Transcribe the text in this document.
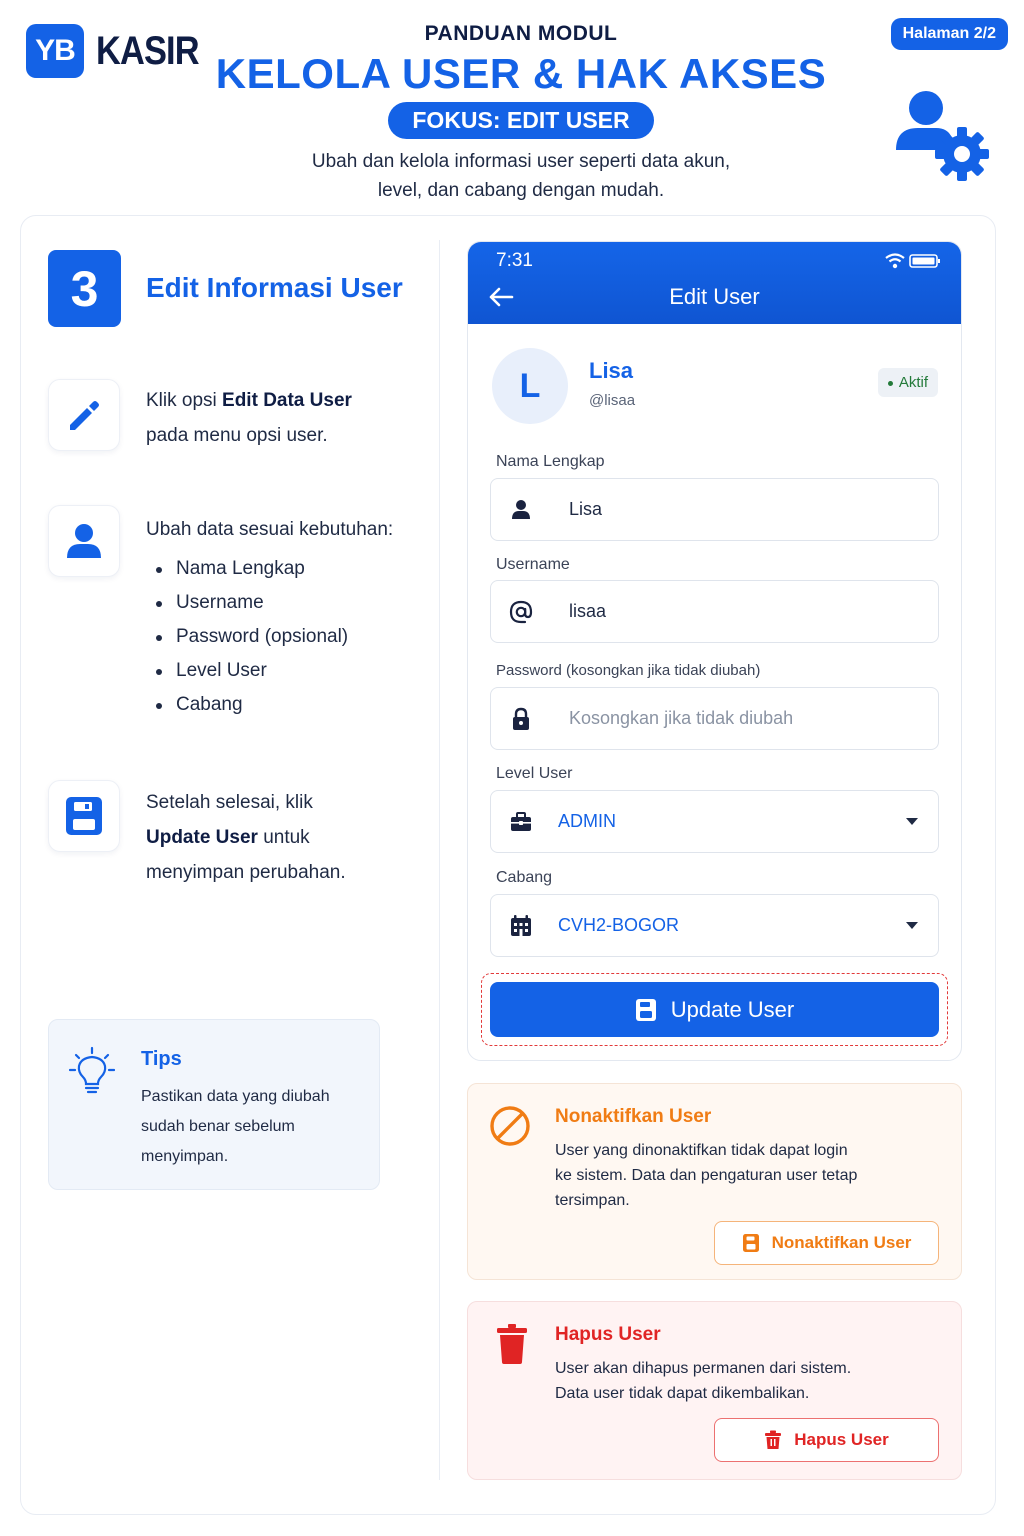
YB KASIR	PANDUAN MODUL
KELOLA USER & HAK AKSES
FOKUS: EDIT USER
Ubah dan kelola informasi user seperti data akun,
level, dan cabang dengan mudah.
Halaman 2/2
3	Edit Informasi User
Klik opsi Edit Data User
pada menu opsi user.
Ubah data sesuai kebutuhan:
Nama Lengkap
Username
Password (opsional)
Level User
Cabang
Setelah selesai, klik
Update User untuk
menyimpan perubahan.
Tips
Pastikan data yang diubah sudah benar sebelum menyimpan.
7:31
Edit User
L	Lisa
@lisaa
Aktif
Nama Lengkap
Lisa
Username
lisaa
Password (kosongkan jika tidak diubah)
Kosongkan jika tidak diubah
Level User
ADMIN
Cabang
CVH2-BOGOR
Update User
Nonaktifkan User
User yang dinonaktifkan tidak dapat login ke sistem. Data dan pengaturan user tetap tersimpan.
Nonaktifkan User
Hapus User
User akan dihapus permanen dari sistem. Data user tidak dapat dikembalikan.
Hapus User
